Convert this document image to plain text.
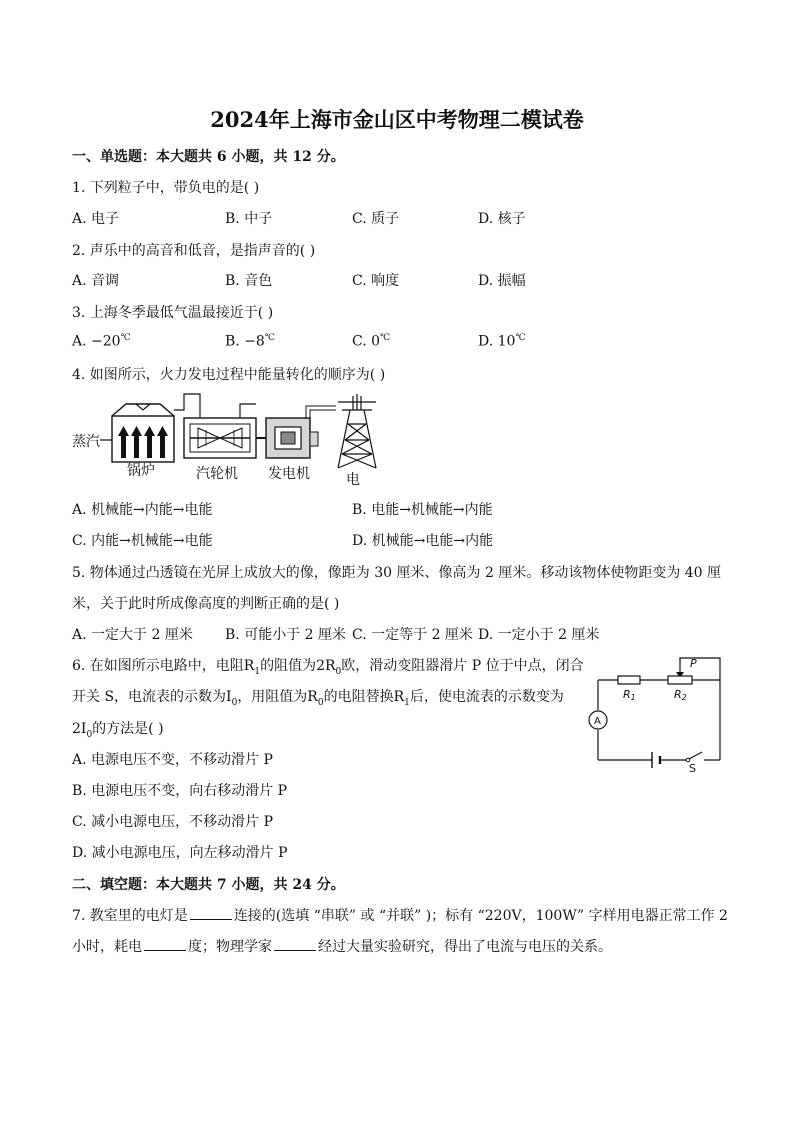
2024年上海市金山区中考物理二模试卷
一、单选题：本大题共 6 小题，共 12 分。
1. 下列粒子中，带负电的是( )
A. 电子	B. 中子	C. 质子	D. 核子
2. 声乐中的高音和低音，是指声音的( )
A. 音调	B. 音色	C. 响度	D. 振幅
3. 上海冬季最低气温最接近于( )
A. −20℃	B. −8℃	C. 0℃	D. 10℃
4. 如图所示，火力发电过程中能量转化的顺序为( )
蒸汽
锅炉	汽轮机 发电机	电
A. 机械能→内能→电能	B. 电能→机械能→内能
C. 内能→机械能→电能	D. 机械能→电能→内能
5. 物体通过凸透镜在光屏上成放大的像，像距为 30 厘米、像高为 2 厘米。移动该物体使物距变为 40 厘
米，关于此时所成像高度的判断正确的是( )
A. 一定大于 2 厘米 B. 可能小于 2 厘米 C. 一定等于 2 厘米 D. 一定小于 2 厘米
6. 在如图所示电路中，电阻$R_1$的阻值为$2R_0$欧，滑动变阻器滑片 P 位于中点，闭合
开关 S，电流表的示数为$I_0$，用阻值为$R_0$的电阻替换$R_1$后，使电流表的示数变为
$2I_0$的方法是( )	A
S
R1	R2
P
A. 电源电压不变，不移动滑片 P
B. 电源电压不变，向右移动滑片 P
C. 减小电源电压，不移动滑片 P
D. 减小电源电压，向左移动滑片 P
二、填空题：本大题共 7 小题，共 24 分。
7. 教室里的电灯是	连接的(选填 “串联” 或 “并联” )；标有 “220V，100W” 字样用电器正常工作 2
小时，耗电	度；物理学家	经过大量实验研究，得出了电流与电压的关系。
